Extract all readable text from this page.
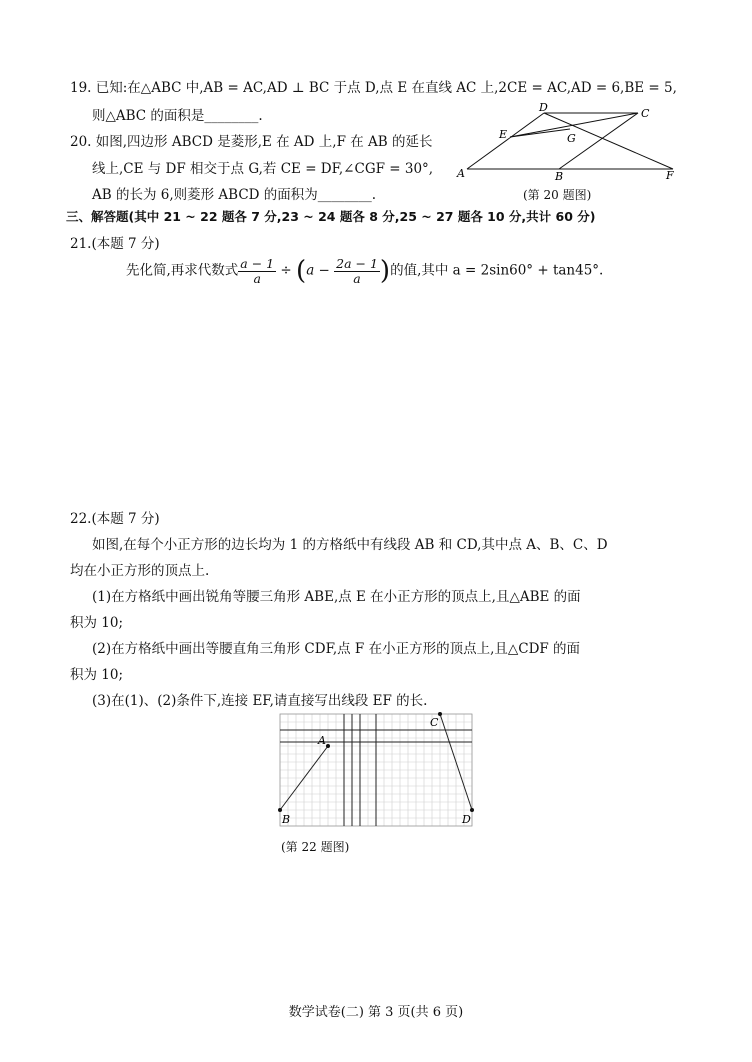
19. 已知:在△ABC 中,AB = AC,AD ⊥ BC 于点 D,点 E 在直线 AC 上,2CE = AC,AD = 6,BE = 5,
则△ABC 的面积是________.
20. 如图,四边形 ABCD 是菱形,E 在 AD 上,F 在 AB 的延长
线上,CE 与 DF 相交于点 G,若 CE = DF,∠CGF = 30°,
AB 的长为 6,则菱形 ABCD 的面积为________.
A
D	C
E	G
B	F
(第 20 题图)
三、解答题(其中 21 ~ 22 题各 7 分,23 ~ 24 题各 8 分,25 ~ 27 题各 10 分,共计 60 分)
21.(本题 7 分)
先化简,再求代数式 $\frac{a - 1}{a} \div (a - \frac{2a - 1}{a}$ )的值,其中 a = 2sin60° + tan45°.
22.(本题 7 分)
如图,在每个小正方形的边长均为 1 的方格纸中有线段 AB 和 CD,其中点 A、B、C、D
均在小正方形的顶点上.
(1)在方格纸中画出锐角等腰三角形 ABE,点 E 在小正方形的顶点上,且△ABE 的面
积为 10;
(2)在方格纸中画出等腰直角三角形 CDF,点 F 在小正方形的顶点上,且△CDF 的面
积为 10;
(3)在(1)、(2)条件下,连接 EF,请直接写出线段 EF 的长.
A
B
C
D
(第 22 题图)
数学试卷(二) 第 3 页(共 6 页)
